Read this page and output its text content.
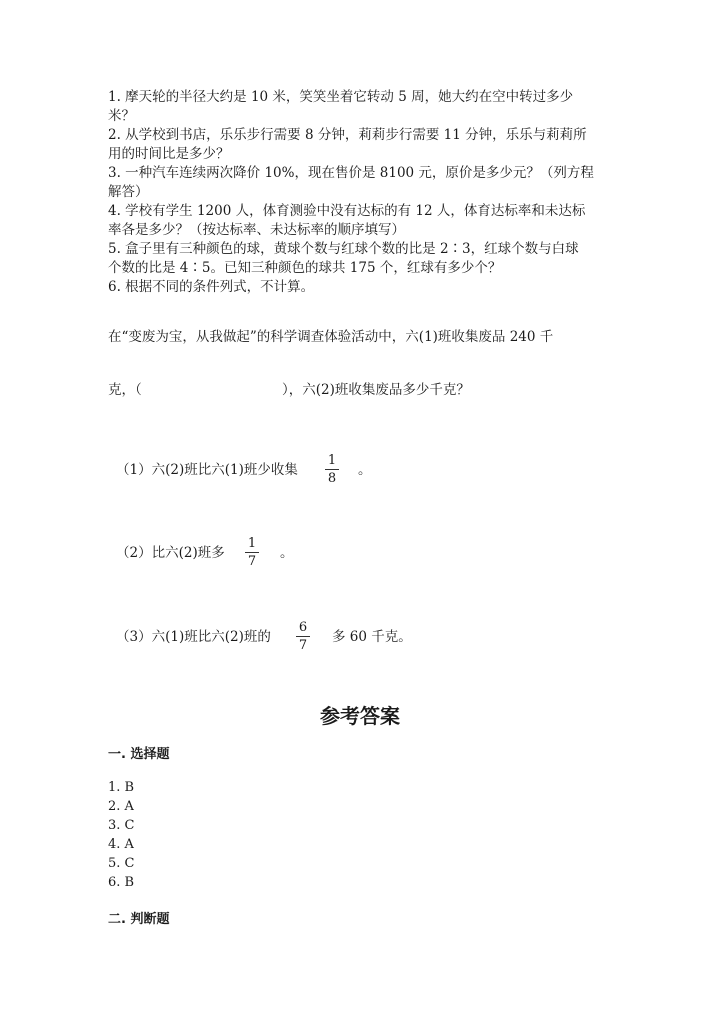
1. 摩天轮的半径大约是 10 米，笑笑坐着它转动 5 周，她大约在空中转过多少
米？
2. 从学校到书店，乐乐步行需要 8 分钟，莉莉步行需要 11 分钟，乐乐与莉莉所
用的时间比是多少？
3. 一种汽车连续两次降价 10%，现在售价是 8100 元，原价是多少元？（列方程
解答）
4. 学校有学生 1200 人，体育测验中没有达标的有 12 人，体育达标率和未达标
率各是多少？（按达标率、未达标率的顺序填写）
5. 盒子里有三种颜色的球，黄球个数与红球个数的比是 2∶3，红球个数与白球
个数的比是 4∶5。已知三种颜色的球共 175 个，红球有多少个？
6. 根据不同的条件列式，不计算。
在“变废为宝，从我做起”的科学调查体验活动中，六(1)班收集废品 240 千
克，（	），六(2)班收集废品多少千克？
（1）六(2)班比六(1)班少收集
1
8
。
（2）比六(2)班多
1
7
。
（3）六(1)班比六(2)班的
6
7
多 60 千克。
参考答案
一. 选择题
1. B
2. A
3. C
4. A
5. C
6. B
二. 判断题
